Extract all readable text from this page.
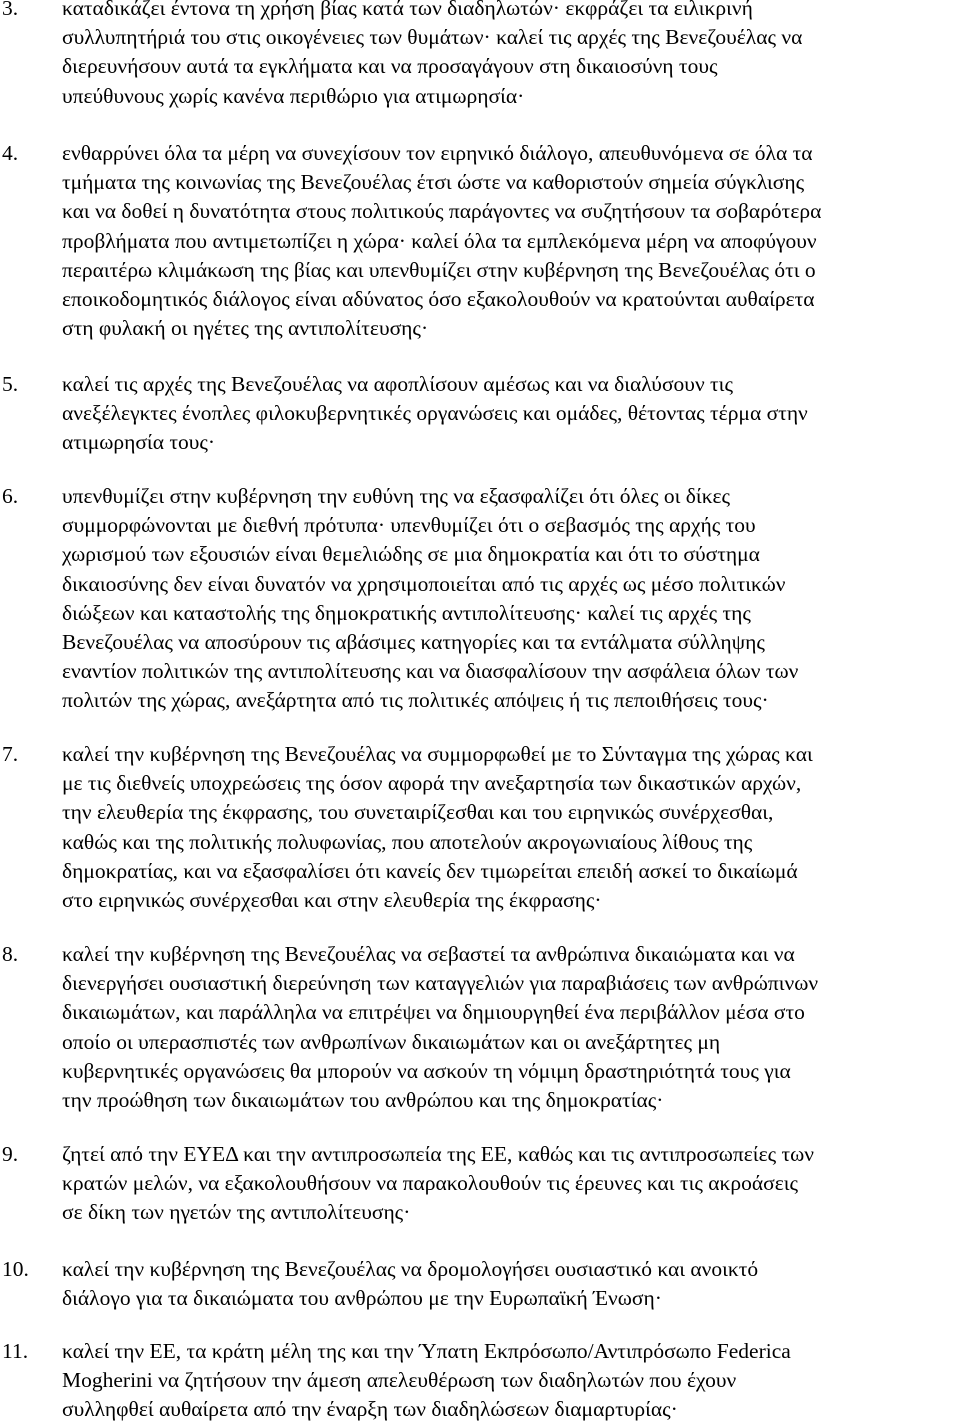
3. καταδικάζει έντονα τη χρήση βίας κατά των διαδηλωτών· εκφράζει τα ειλικρινή
συλλυπητήριά του στις οικογένειες των θυμάτων· καλεί τις αρχές της Βενεζουέλας να
διερευνήσουν αυτά τα εγκλήματα και να προσαγάγουν στη δικαιοσύνη τους
υπεύθυνους χωρίς κανένα περιθώριο για ατιμωρησία·
4. ενθαρρύνει όλα τα μέρη να συνεχίσουν τον ειρηνικό διάλογο, απευθυνόμενα σε όλα τα
τμήματα της κοινωνίας της Βενεζουέλας έτσι ώστε να καθοριστούν σημεία σύγκλισης
και να δοθεί η δυνατότητα στους πολιτικούς παράγοντες να συζητήσουν τα σοβαρότερα
προβλήματα που αντιμετωπίζει η χώρα· καλεί όλα τα εμπλεκόμενα μέρη να αποφύγουν
περαιτέρω κλιμάκωση της βίας και υπενθυμίζει στην κυβέρνηση της Βενεζουέλας ότι ο
εποικοδομητικός διάλογος είναι αδύνατος όσο εξακολουθούν να κρατούνται αυθαίρετα
στη φυλακή οι ηγέτες της αντιπολίτευσης·
5. καλεί τις αρχές της Βενεζουέλας να αφοπλίσουν αμέσως και να διαλύσουν τις
ανεξέλεγκτες ένοπλες φιλοκυβερνητικές οργανώσεις και ομάδες, θέτοντας τέρμα στην
ατιμωρησία τους·
6. υπενθυμίζει στην κυβέρνηση την ευθύνη της να εξασφαλίζει ότι όλες οι δίκες
συμμορφώνονται με διεθνή πρότυπα· υπενθυμίζει ότι ο σεβασμός της αρχής του
χωρισμού των εξουσιών είναι θεμελιώδης σε μια δημοκρατία και ότι το σύστημα
δικαιοσύνης δεν είναι δυνατόν να χρησιμοποιείται από τις αρχές ως μέσο πολιτικών
διώξεων και καταστολής της δημοκρατικής αντιπολίτευσης· καλεί τις αρχές της
Βενεζουέλας να αποσύρουν τις αβάσιμες κατηγορίες και τα εντάλματα σύλληψης
εναντίον πολιτικών της αντιπολίτευσης και να διασφαλίσουν την ασφάλεια όλων των
πολιτών της χώρας, ανεξάρτητα από τις πολιτικές απόψεις ή τις πεποιθήσεις τους·
7. καλεί την κυβέρνηση της Βενεζουέλας να συμμορφωθεί με το Σύνταγμα της χώρας και
με τις διεθνείς υποχρεώσεις της όσον αφορά την ανεξαρτησία των δικαστικών αρχών,
την ελευθερία της έκφρασης, του συνεταιρίζεσθαι και του ειρηνικώς συνέρχεσθαι,
καθώς και της πολιτικής πολυφωνίας, που αποτελούν ακρογωνιαίους λίθους της
δημοκρατίας, και να εξασφαλίσει ότι κανείς δεν τιμωρείται επειδή ασκεί το δικαίωμά
στο ειρηνικώς συνέρχεσθαι και στην ελευθερία της έκφρασης·
8. καλεί την κυβέρνηση της Βενεζουέλας να σεβαστεί τα ανθρώπινα δικαιώματα και να
διενεργήσει ουσιαστική διερεύνηση των καταγγελιών για παραβιάσεις των ανθρώπινων
δικαιωμάτων, και παράλληλα να επιτρέψει να δημιουργηθεί ένα περιβάλλον μέσα στο
οποίο οι υπερασπιστές των ανθρωπίνων δικαιωμάτων και οι ανεξάρτητες μη
κυβερνητικές οργανώσεις θα μπορούν να ασκούν τη νόμιμη δραστηριότητά τους για
την προώθηση των δικαιωμάτων του ανθρώπου και της δημοκρατίας·
9. ζητεί από την ΕΥΕΔ και την αντιπροσωπεία της ΕΕ, καθώς και τις αντιπροσωπείες των
κρατών μελών, να εξακολουθήσουν να παρακολουθούν τις έρευνες και τις ακροάσεις
σε δίκη των ηγετών της αντιπολίτευσης·
10. καλεί την κυβέρνηση της Βενεζουέλας να δρομολογήσει ουσιαστικό και ανοικτό
διάλογο για τα δικαιώματα του ανθρώπου με την Ευρωπαϊκή Ένωση·
11. καλεί την ΕΕ, τα κράτη μέλη της και την Ύπατη Εκπρόσωπο/Αντιπρόσωπο Federica
Mogherini να ζητήσουν την άμεση απελευθέρωση των διαδηλωτών που έχουν
συλληφθεί αυθαίρετα από την έναρξη των διαδηλώσεων διαμαρτυρίας·
